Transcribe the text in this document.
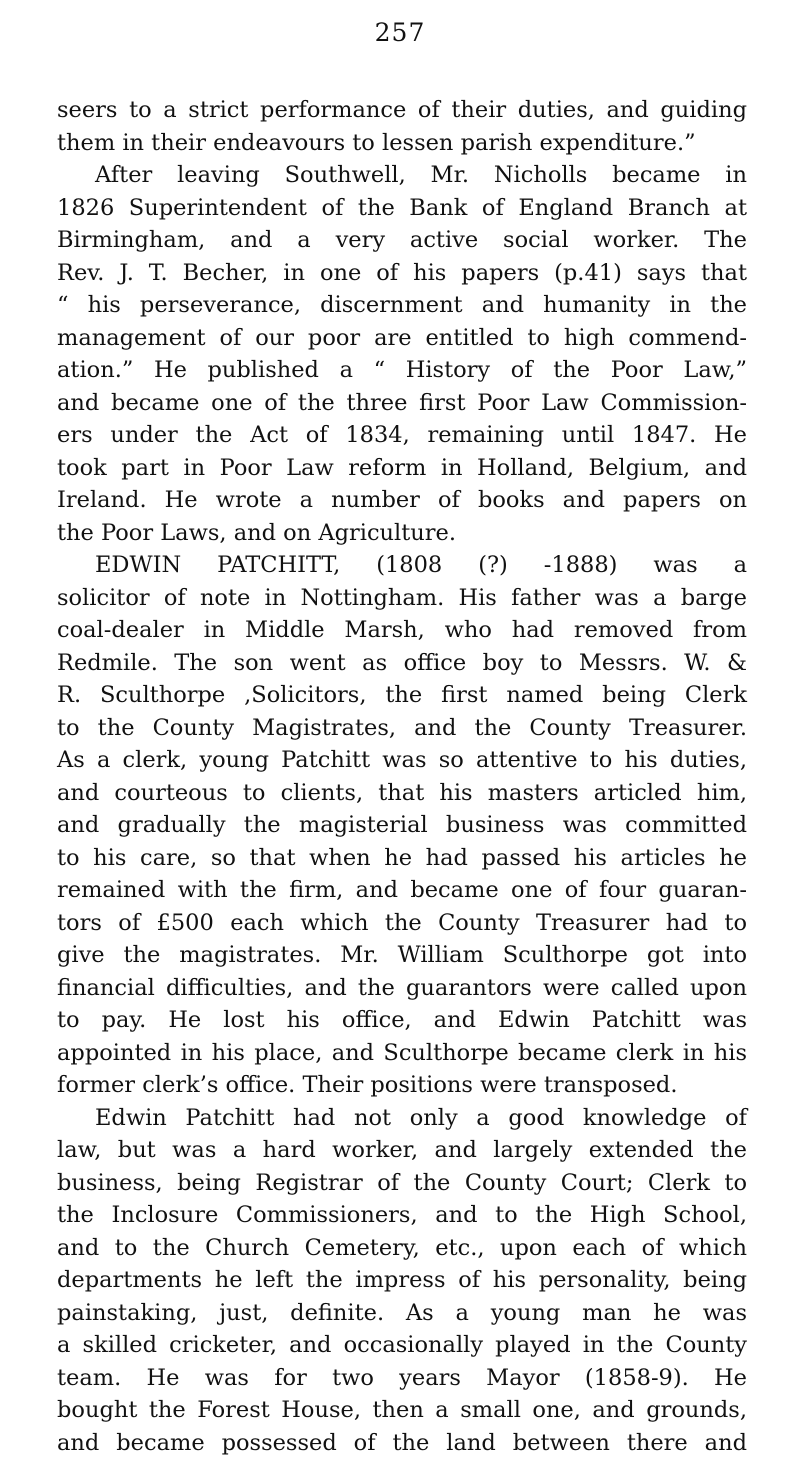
257
seers to a strict performance of their duties, and guiding
them in their endeavours to lessen parish expenditure.”
After leaving Southwell, Mr. Nicholls became in
1826 Superintendent of the Bank of England Branch at
Birmingham, and a very active social worker. The
Rev. J. T. Becher, in one of his papers (p.41) says that
“ his perseverance, discernment and humanity in the
management of our poor are entitled to high commend-
ation.” He published a “ History of the Poor Law,”
and became one of the three first Poor Law Commission-
ers under the Act of 1834, remaining until 1847. He
took part in Poor Law reform in Holland, Belgium, and
Ireland. He wrote a number of books and papers on
the Poor Laws, and on Agriculture.
EDWIN PATCHITT, (1808 (?) -1888) was a
solicitor of note in Nottingham. His father was a barge
coal-dealer in Middle Marsh, who had removed from
Redmile. The son went as office boy to Messrs. W. &
R. Sculthorpe ,Solicitors, the first named being Clerk
to the County Magistrates, and the County Treasurer.
As a clerk, young Patchitt was so attentive to his duties,
and courteous to clients, that his masters articled him,
and gradually the magisterial business was committed
to his care, so that when he had passed his articles he
remained with the firm, and became one of four guaran-
tors of £500 each which the County Treasurer had to
give the magistrates. Mr. William Sculthorpe got into
financial difficulties, and the guarantors were called upon
to pay. He lost his office, and Edwin Patchitt was
appointed in his place, and Sculthorpe became clerk in his
former clerk’s office. Their positions were transposed.
Edwin Patchitt had not only a good knowledge of
law, but was a hard worker, and largely extended the
business, being Registrar of the County Court; Clerk to
the Inclosure Commissioners, and to the High School,
and to the Church Cemetery, etc., upon each of which
departments he left the impress of his personality, being
painstaking, just, definite. As a young man he was
a skilled cricketer, and occasionally played in the County
team. He was for two years Mayor (1858-9). He
bought the Forest House, then a small one, and grounds,
and became possessed of the land between there and
